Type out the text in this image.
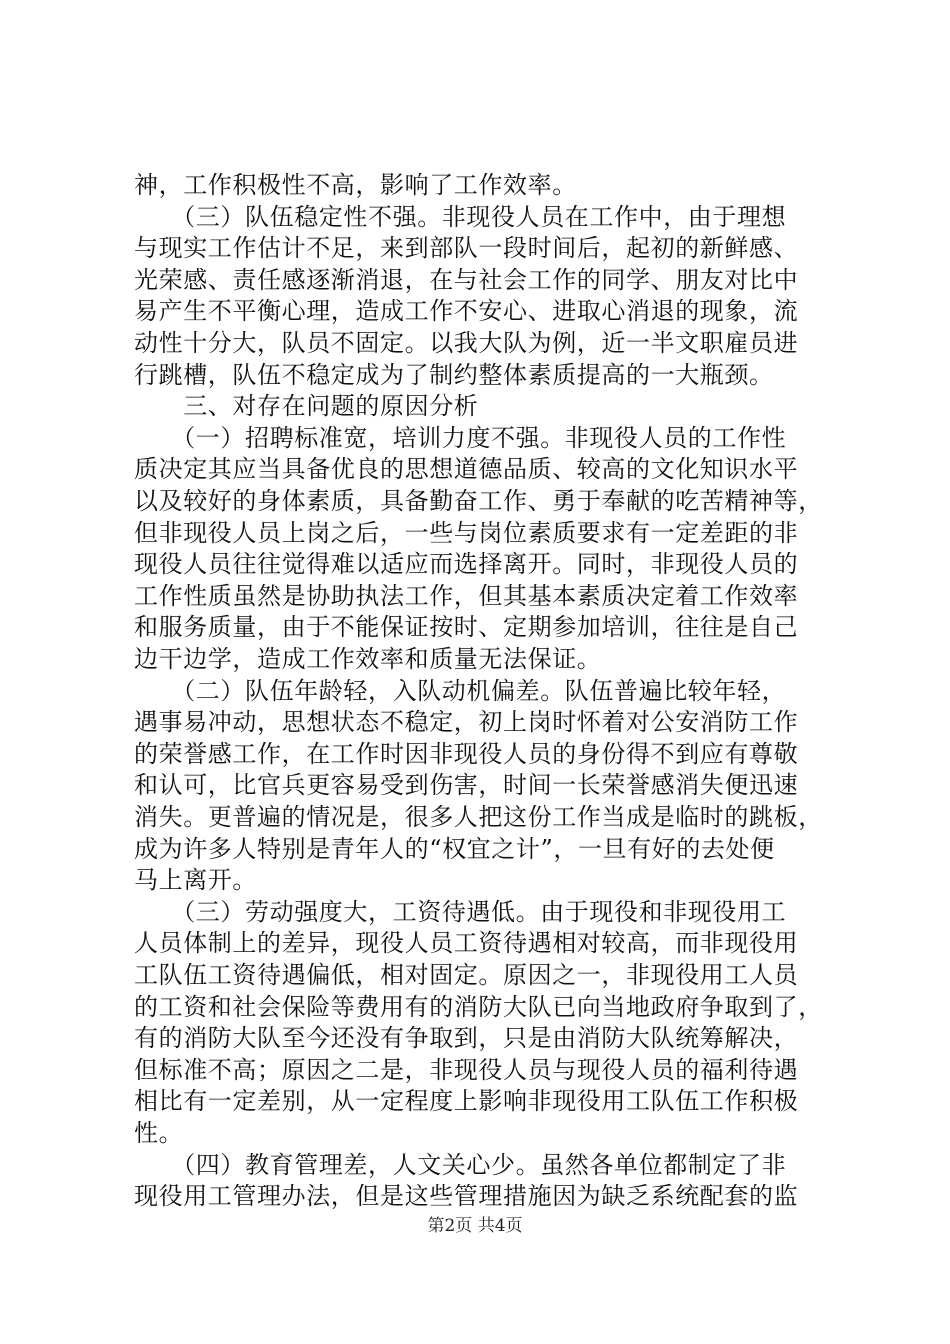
神，工作积极性不高，影响了工作效率。
　　（三）队伍稳定性不强。非现役人员在工作中，由于理想
与现实工作估计不足，来到部队一段时间后，起初的新鲜感、
光荣感、责任感逐渐消退，在与社会工作的同学、朋友对比中
易产生不平衡心理，造成工作不安心、进取心消退的现象，流
动性十分大，队员不固定。以我大队为例，近一半文职雇员进
行跳槽，队伍不稳定成为了制约整体素质提高的一大瓶颈。
　　三、对存在问题的原因分析
　　（一）招聘标准宽，培训力度不强。非现役人员的工作性
质决定其应当具备优良的思想道德品质、较高的文化知识水平
以及较好的身体素质，具备勤奋工作、勇于奉献的吃苦精神等，
但非现役人员上岗之后，一些与岗位素质要求有一定差距的非
现役人员往往觉得难以适应而选择离开。同时，非现役人员的
工作性质虽然是协助执法工作，但其基本素质决定着工作效率
和服务质量，由于不能保证按时、定期参加培训，往往是自己
边干边学，造成工作效率和质量无法保证。
　　（二）队伍年龄轻，入队动机偏差。队伍普遍比较年轻，
遇事易冲动，思想状态不稳定，初上岗时怀着对公安消防工作
的荣誉感工作，在工作时因非现役人员的身份得不到应有尊敬
和认可，比官兵更容易受到伤害，时间一长荣誉感消失便迅速
消失。更普遍的情况是，很多人把这份工作当成是临时的跳板，
成为许多人特别是青年人的“权宜之计”，一旦有好的去处便
马上离开。
　　（三）劳动强度大，工资待遇低。由于现役和非现役用工
人员体制上的差异，现役人员工资待遇相对较高，而非现役用
工队伍工资待遇偏低，相对固定。原因之一，非现役用工人员
的工资和社会保险等费用有的消防大队已向当地政府争取到了，
有的消防大队至今还没有争取到，只是由消防大队统筹解决，
但标准不高；原因之二是，非现役人员与现役人员的福利待遇
相比有一定差别，从一定程度上影响非现役用工队伍工作积极
性。
　　（四）教育管理差，人文关心少。虽然各单位都制定了非
现役用工管理办法，但是这些管理措施因为缺乏系统配套的监
第2页 共4页
